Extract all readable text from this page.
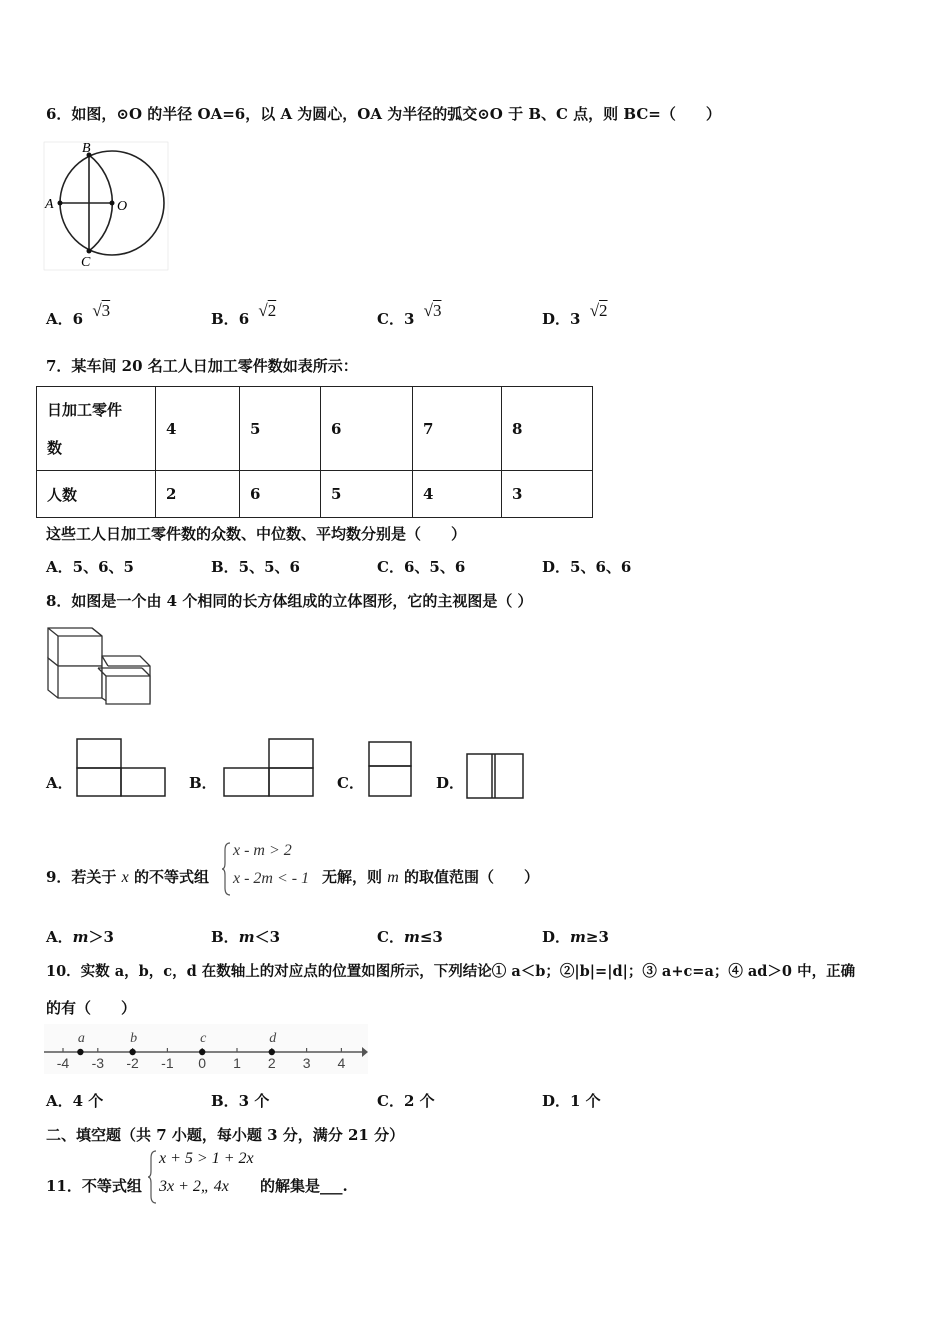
6．如图，⊙O 的半径 OA=6，以 A 为圆心，OA 为半径的弧交⊙O 于 B、C 点，则 BC=（　　）
A
B
C
O
A．6 √3	B．6 √2	C．3 √3	D．3 √2
7．某车间 20 名工人日加工零件数如表所示：
日加工零件
数	4	5	6	7	8
人数	2	6	5	4	3
这些工人日加工零件数的众数、中位数、平均数分别是（　　）
A．5、6、5	B．5、5、6	C．6、5、6	D．5、6、6
8．如图是一个由 4 个相同的长方体组成的立体图形，它的主视图是（ ）
A．	B．	C．	D．
9．若关于 x 的不等式组
x - m > 2
x - 2m < - 1 无解，则 m 的取值范围（　　）
A．m＞3	B．m＜3	C．m≤3	D．m≥3
10．实数 a，b，c，d 在数轴上的对应点的位置如图所示，下列结论① a＜b；②|b|=|d|；③ a+c=a；④ ad＞0 中，正确
的有（　　）
-4 -3 -2 -1 0 1 2 3 4
a	b	c	d
A．4 个	B．3 个	C．2 个	D．1 个
二、填空题（共 7 小题，每小题 3 分，满分 21 分）
11．不等式组
x + 5 > 1 + 2x
3x + 2„ 4x 的解集是___.
